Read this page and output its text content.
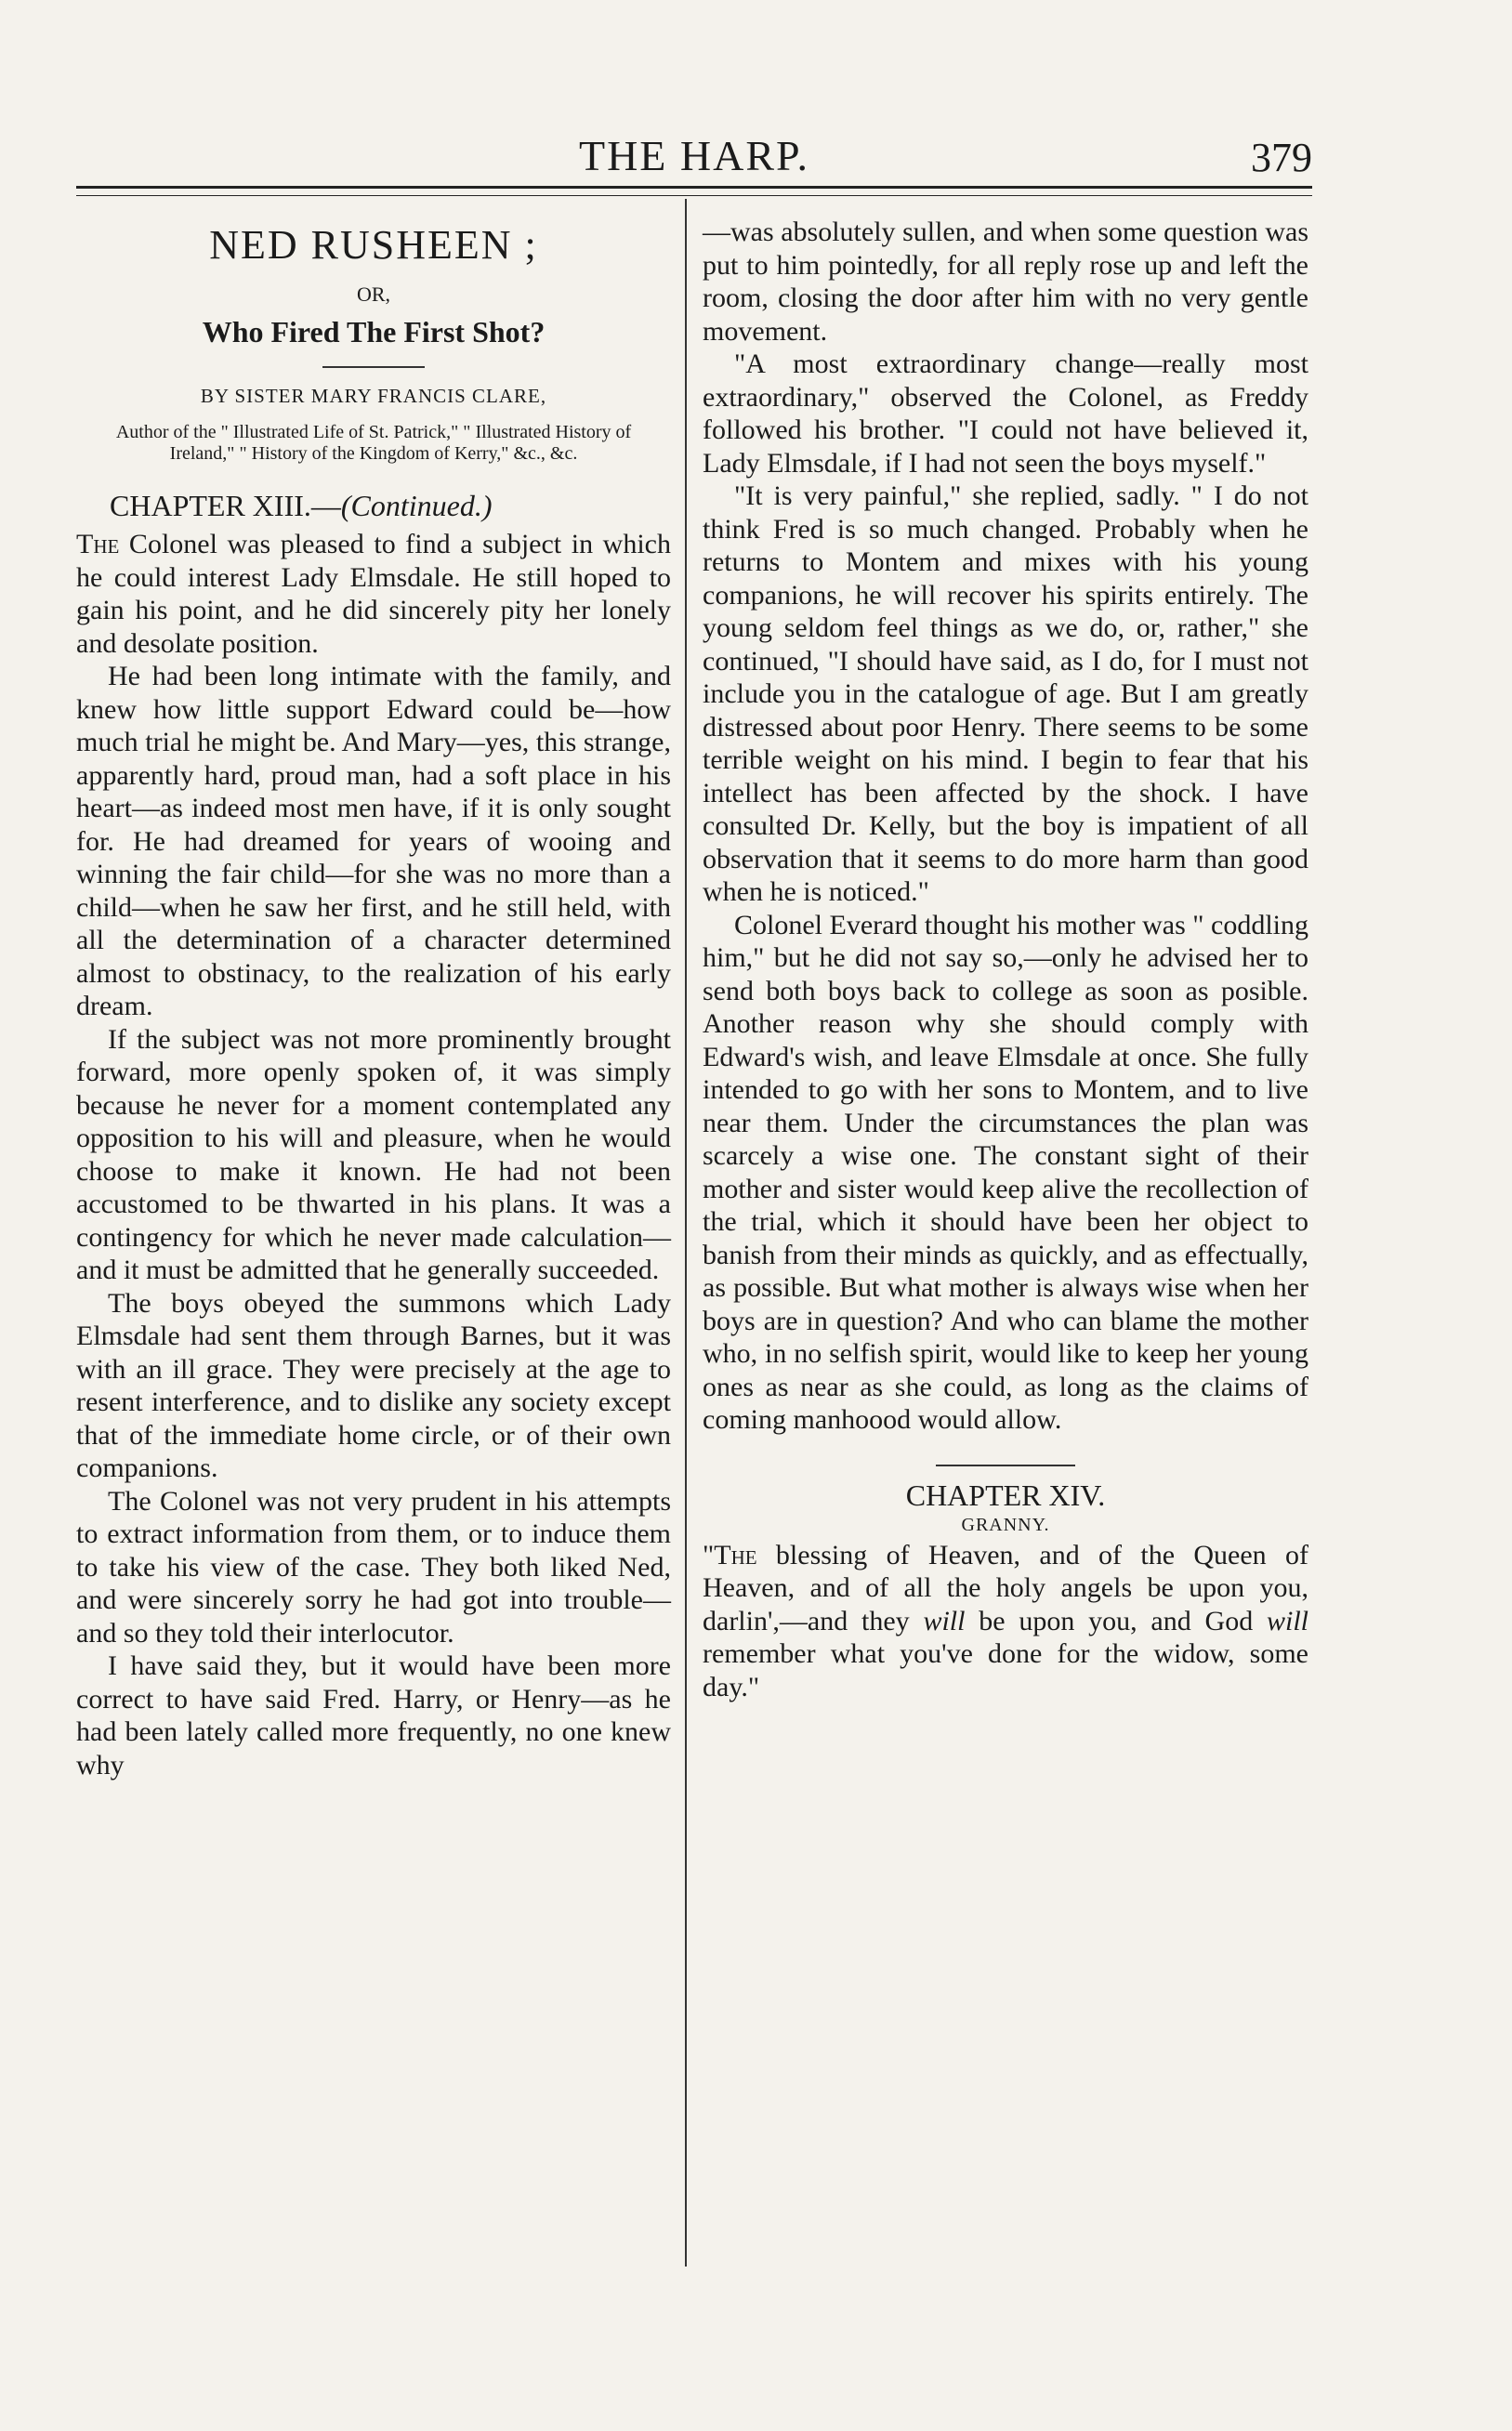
THE HARP.	379
NED RUSHEEN ;
OR,
Who Fired The First Shot?
BY SISTER MARY FRANCIS CLARE,
Author of the " Illustrated Life of St. Patrick," " Illustrated History of Ireland," " History of the Kingdom of Kerry," &c., &c.
CHAPTER XIII.—(Continued.)

The Colonel was pleased to find a subject in which he could interest Lady Elmsdale. He still hoped to gain his point, and he did sincerely pity her lonely and desolate position.

He had been long intimate with the family, and knew how little support Edward could be—how much trial he might be. And Mary—yes, this strange, apparently hard, proud man, had a soft place in his heart—as indeed most men have, if it is only sought for. He had dreamed for years of wooing and winning the fair child—for she was no more than a child—when he saw her first, and he still held, with all the determination of a character determined almost to obstinacy, to the realization of his early dream.

If the subject was not more prominently brought forward, more openly spoken of, it was simply because he never for a moment contemplated any opposition to his will and pleasure, when he would choose to make it known. He had not been accustomed to be thwarted in his plans. It was a contingency for which he never made calculation—and it must be admitted that he generally succeeded.

The boys obeyed the summons which Lady Elmsdale had sent them through Barnes, but it was with an ill grace. They were precisely at the age to resent interference, and to dislike any society except that of the immediate home circle, or of their own companions.

The Colonel was not very prudent in his attempts to extract information from them, or to induce them to take his view of the case. They both liked Ned, and were sincerely sorry he had got into trouble—and so they told their interlocutor.

I have said they, but it would have been more correct to have said Fred. Harry, or Henry—as he had been lately called more frequently, no one knew why

—was absolutely sullen, and when some question was put to him pointedly, for all reply rose up and left the room, closing the door after him with no very gentle movement.

"A most extraordinary change—really most extraordinary," observed the Colonel, as Freddy followed his brother. "I could not have believed it, Lady Elmsdale, if I had not seen the boys myself."

"It is very painful," she replied, sadly. " I do not think Fred is so much changed. Probably when he returns to Montem and mixes with his young companions, he will recover his spirits entirely. The young seldom feel things as we do, or, rather," she continued, "I should have said, as I do, for I must not include you in the catalogue of age. But I am greatly distressed about poor Henry. There seems to be some terrible weight on his mind. I begin to fear that his intellect has been affected by the shock. I have consulted Dr. Kelly, but the boy is impatient of all observation that it seems to do more harm than good when he is noticed."

Colonel Everard thought his mother was " coddling him," but he did not say so,—only he advised her to send both boys back to college as soon as posible. Another reason why she should comply with Edward's wish, and leave Elmsdale at once. She fully intended to go with her sons to Montem, and to live near them. Under the circumstances the plan was scarcely a wise one. The constant sight of their mother and sister would keep alive the recollection of the trial, which it should have been her object to banish from their minds as quickly, and as effectually, as possible. But what mother is always wise when her boys are in question? And who can blame the mother who, in no selfish spirit, would like to keep her young ones as near as she could, as long as the claims of coming manhoood would allow.

CHAPTER XIV.
GRANNY.

"The blessing of Heaven, and of the Queen of Heaven, and of all the holy angels be upon you, darlin',—and they will be upon you, and God will remember what you've done for the widow, some day."
